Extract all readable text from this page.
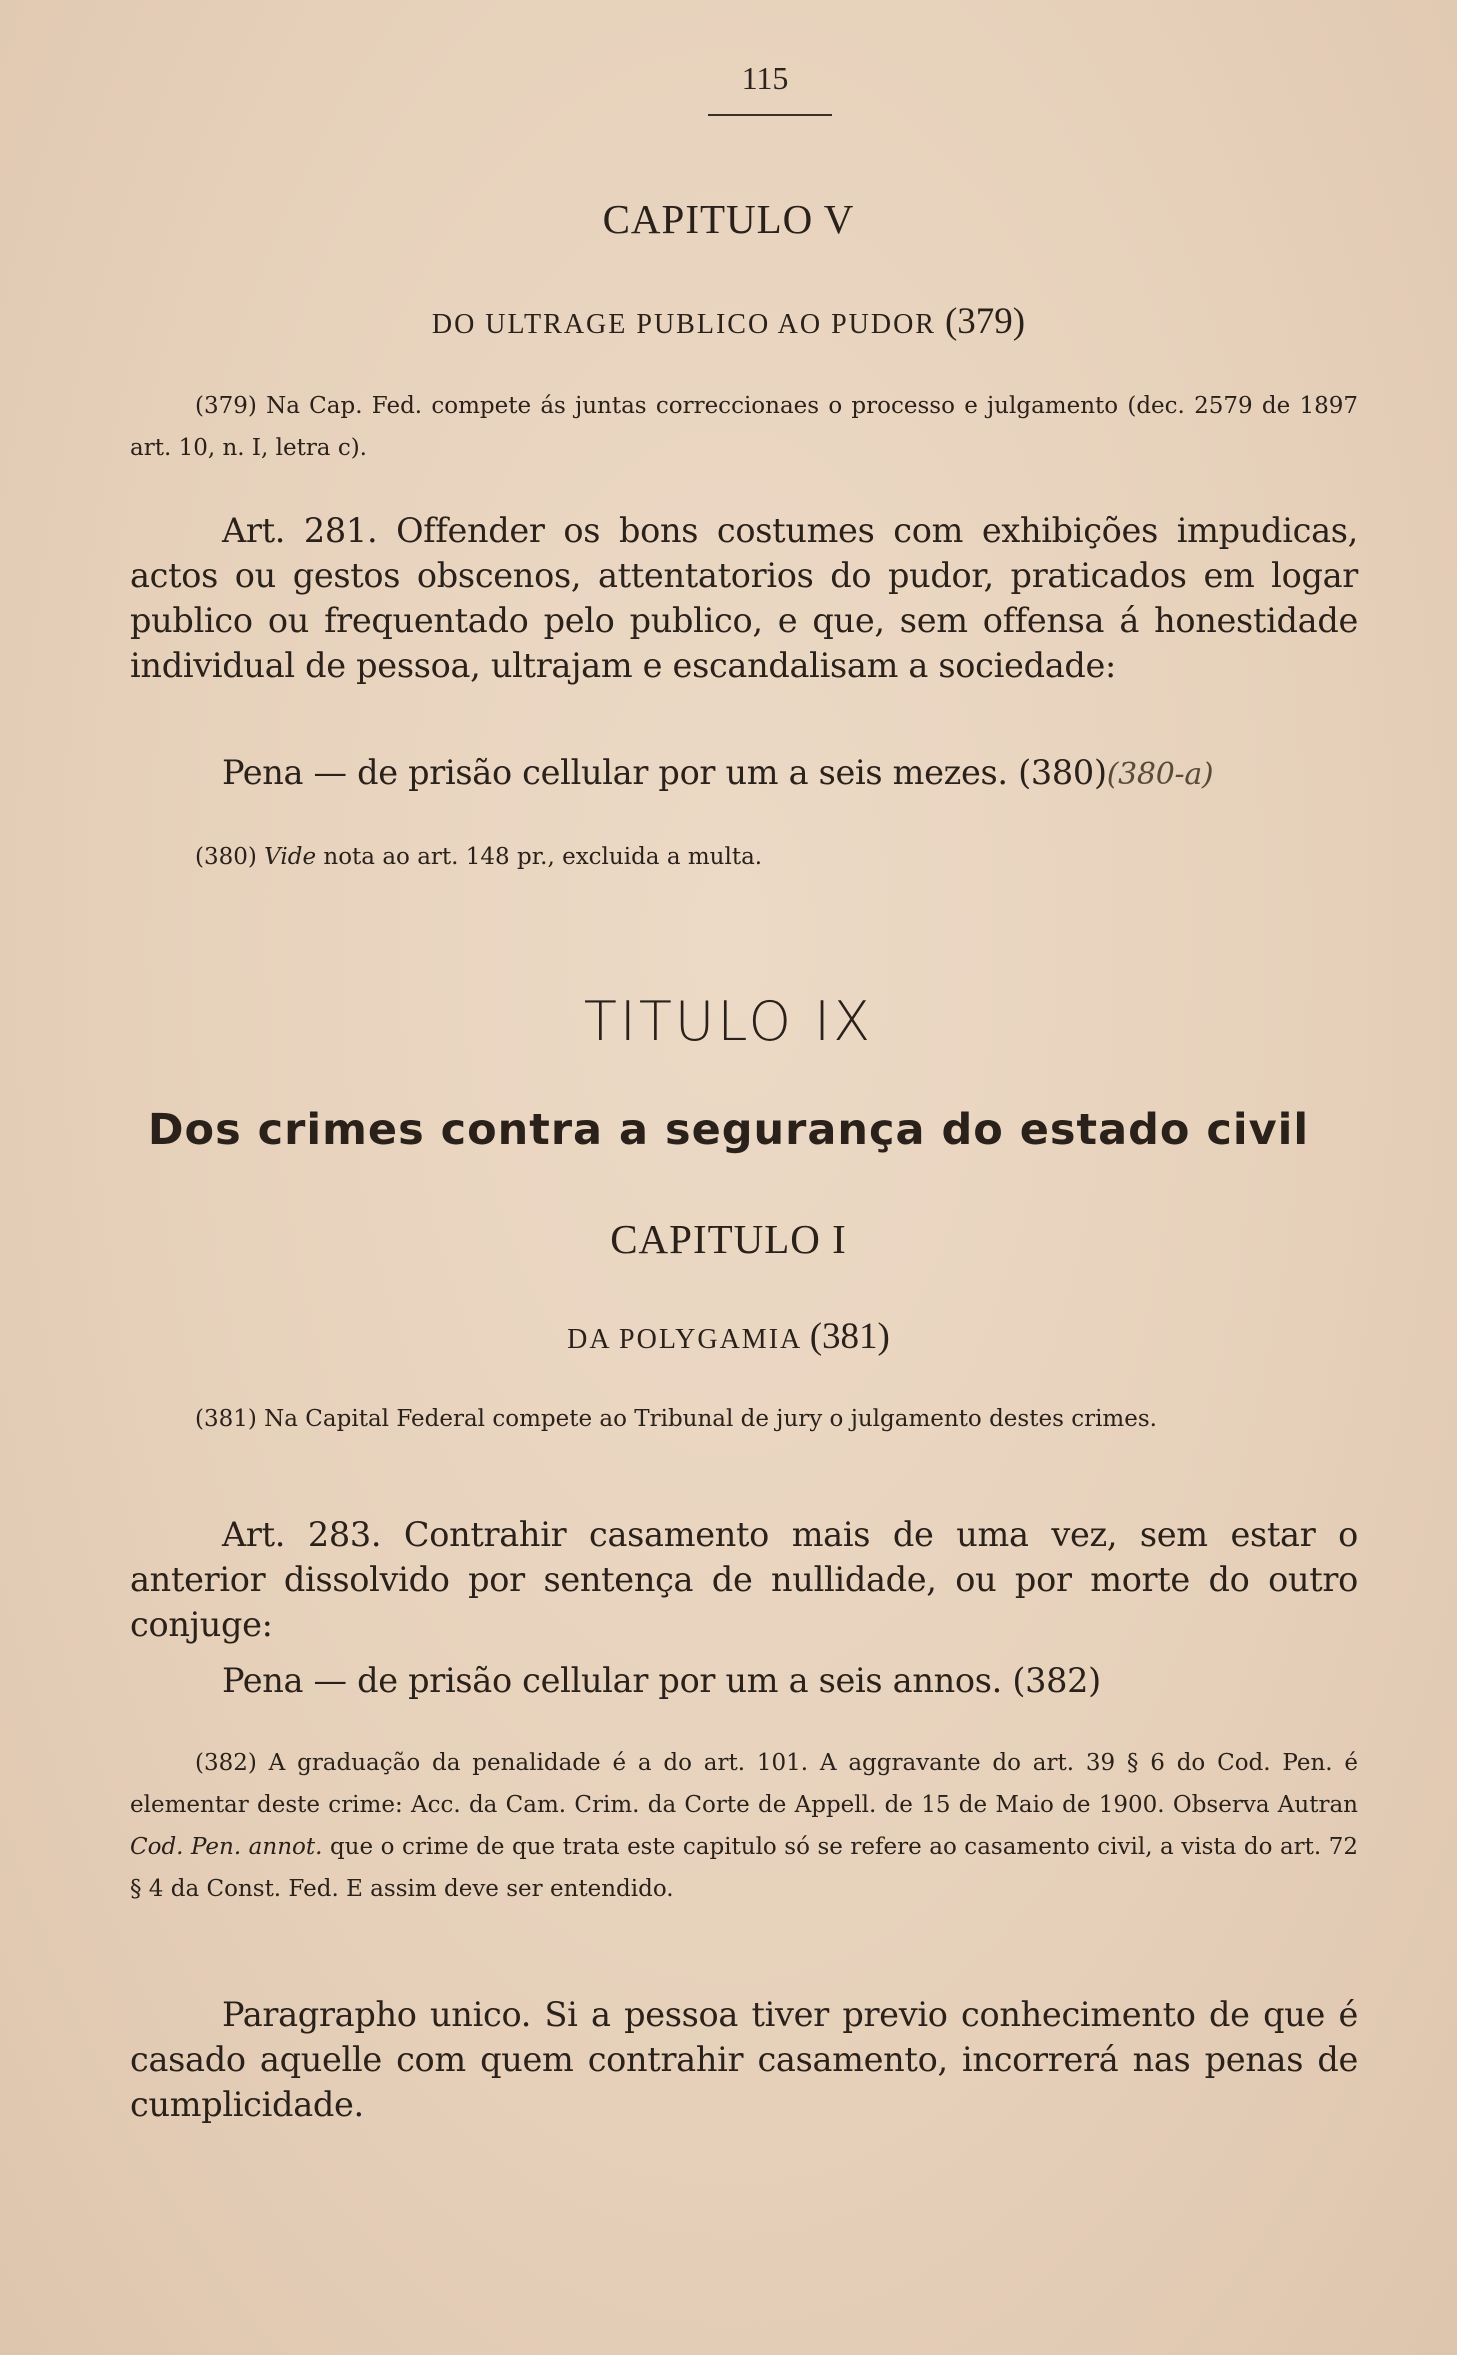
115
CAPITULO V
DO ULTRAGE PUBLICO AO PUDOR (379)

(379) Na Cap. Fed. compete ás juntas correccionaes o processo e julgamento (dec. 2579 de 1897 art. 10, n. I, letra c).

Art. 281. Offender os bons costumes com exhibições impudicas, actos ou gestos obscenos, attentatorios do pudor, praticados em logar publico ou frequentado pelo publico, e que, sem offensa á honestidade individual de pessoa, ultrajam e escandalisam a sociedade:

Pena — de prisão cellular por um a seis mezes. (380)(380-a)

(380) Vide nota ao art. 148 pr., excluida a multa.

TITULO IX
Dos crimes contra a segurança do estado civil
CAPITULO I
DA POLYGAMIA (381)

(381) Na Capital Federal compete ao Tribunal de jury o julgamento destes crimes.

Art. 283. Contrahir casamento mais de uma vez, sem estar o anterior dissolvido por sentença de nullidade, ou por morte do outro conjuge:

Pena — de prisão cellular por um a seis annos. (382)

(382) A graduação da penalidade é a do art. 101. A aggravante do art. 39 § 6 do Cod. Pen. é elementar deste crime: Acc. da Cam. Crim. da Corte de Appell. de 15 de Maio de 1900. Observa Autran Cod. Pen. annot. que o crime de que trata este capitulo só se refere ao casamento civil, a vista do art. 72 § 4 da Const. Fed. E assim deve ser entendido.

Paragrapho unico. Si a pessoa tiver previo conhecimento de que é casado aquelle com quem contrahir casamento, incorrerá nas penas de cumplicidade.
